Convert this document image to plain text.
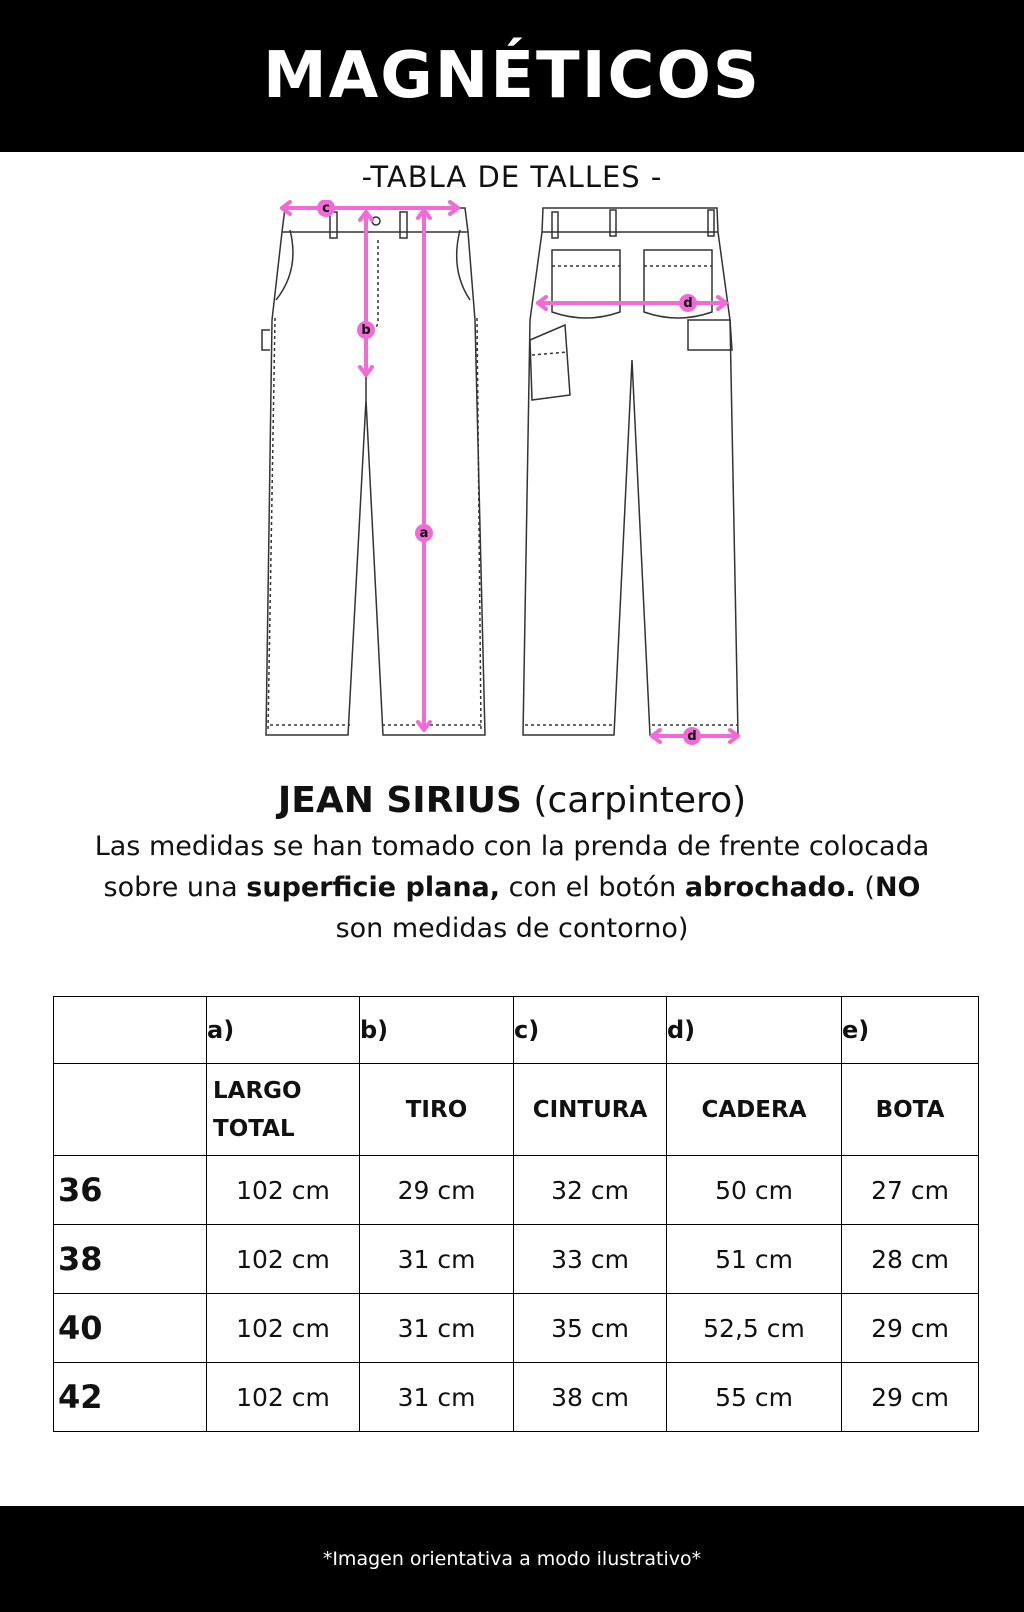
MAGNÉTICOS
-TABLA DE TALLES -
c
a
b
d
d
JEAN SIRIUS (carpintero)
Las medidas se han tomado con la prenda de frente colocada sobre una superficie plana, con el botón abrochado. (NO son medidas de contorno)
	a)	b)	c)	d)	e)
	LARGO TOTAL	TIRO	CINTURA	CADERA	BOTA
36	102 cm	29 cm	32 cm	50 cm	27 cm
38	102 cm	31 cm	33 cm	51 cm	28 cm
40	102 cm	31 cm	35 cm	52,5 cm	29 cm
42	102 cm	31 cm	38 cm	55 cm	29 cm
*Imagen orientativa a modo ilustrativo*
